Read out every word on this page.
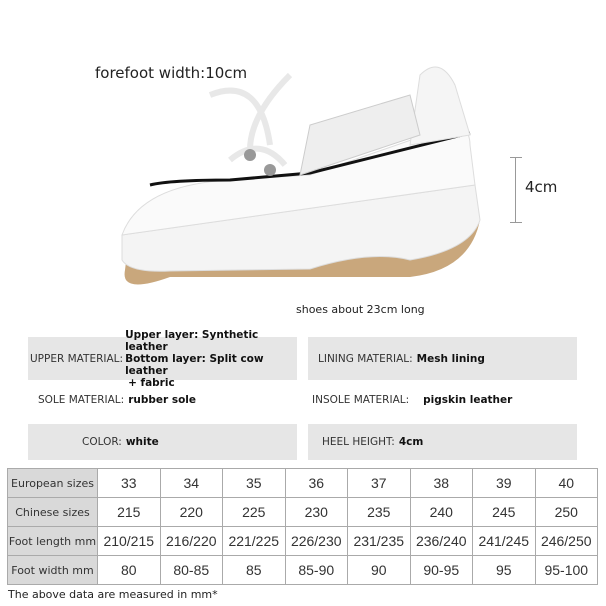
forefoot width:10cm
4cm
shoes about 23cm long
UPPER MATERIAL:
Upper layer: Synthetic leather
Bottom layer: Split cow leather
+ fabric
LINING MATERIAL: Mesh lining
SOLE MATERIAL: rubber sole	INSOLE MATERIAL: pigskin leather
COLOR: white	HEEL HEIGHT: 4cm
European sizes	33	34	35	36	37	38	39	40
Chinese sizes	215	220	225	230	235	240	245	250
Foot length mm	210/215	216/220	221/225	226/230	231/235	236/240	241/245	246/250
Foot width mm	80	80-85	85	85-90	90	90-95	95	95-100
The above data are measured in mm*
